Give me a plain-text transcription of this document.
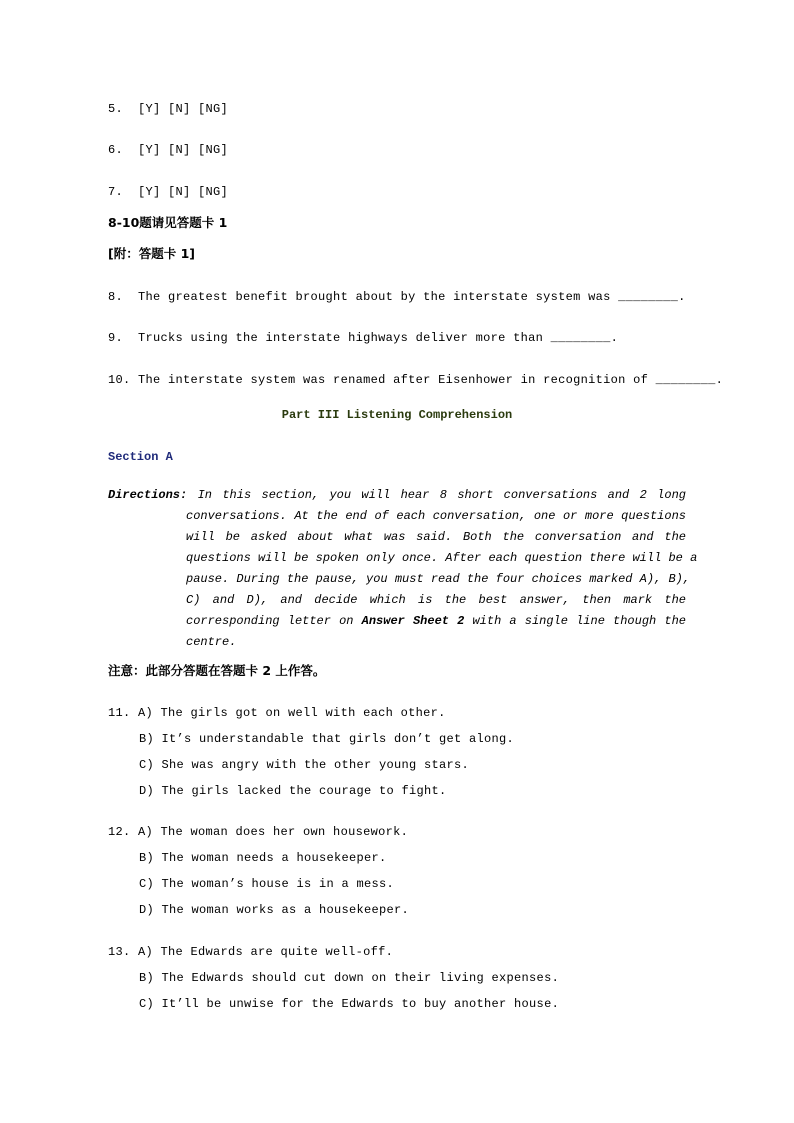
5. [Y] [N] [NG]
6. [Y] [N] [NG]
7. [Y] [N] [NG]
8-10题请见答题卡 1
[附：答题卡 1]
8. The greatest benefit brought about by the interstate system was ________.
9. Trucks using the interstate highways deliver more than ________.
10. The interstate system was renamed after Eisenhower in recognition of ________.
Part III Listening Comprehension
Section A
Directions: In this section, you will hear 8 short conversations and 2 long
conversations. At the end of each conversation, one or more questions
will be asked about what was said. Both the conversation and the
questions will be spoken only once. After each question there will be a
pause. During the pause, you must read the four choices marked A), B),
C) and D), and decide which is the best answer, then mark the
corresponding letter on Answer Sheet 2 with a single line though the
centre.
注意：此部分答题在答题卡 2 上作答。
11. A) The girls got on well with each other.
B) It’s understandable that girls don’t get along.
C) She was angry with the other young stars.
D) The girls lacked the courage to fight.
12. A) The woman does her own housework.
B) The woman needs a housekeeper.
C) The woman’s house is in a mess.
D) The woman works as a housekeeper.
13. A) The Edwards are quite well-off.
B) The Edwards should cut down on their living expenses.
C) It’ll be unwise for the Edwards to buy another house.
